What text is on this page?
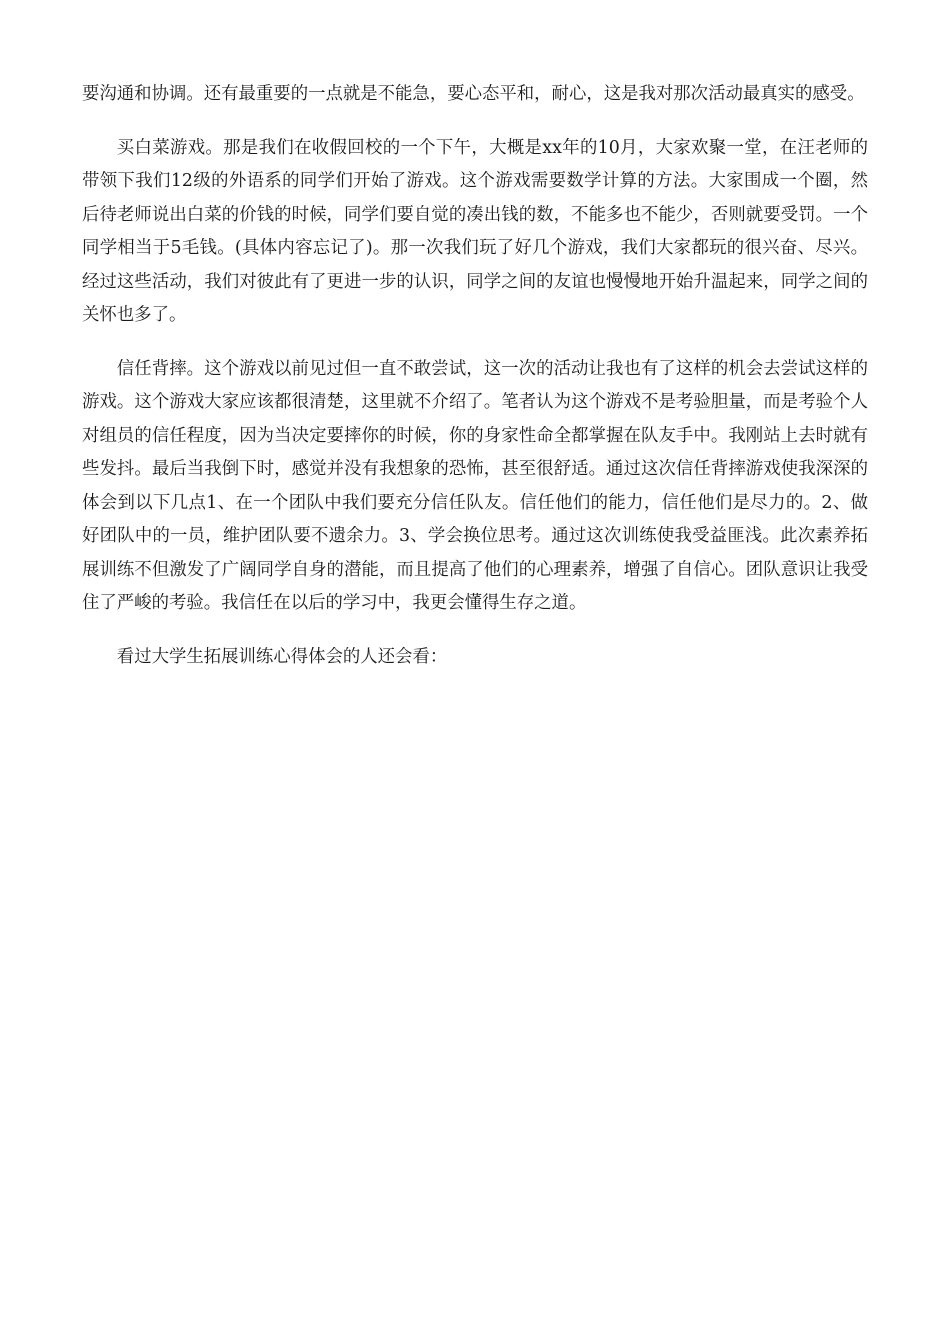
要沟通和协调。还有最重要的一点就是不能急，要心态平和，耐心，这是我对那次活动最真实的感受。

买白菜游戏。那是我们在收假回校的一个下午，大概是xx年的10月，大家欢聚一堂，在汪老师的带领下我们12级的外语系的同学们开始了游戏。这个游戏需要数学计算的方法。大家围成一个圈，然后待老师说出白菜的价钱的时候，同学们要自觉的凑出钱的数，不能多也不能少，否则就要受罚。一个同学相当于5毛钱。(具体内容忘记了)。那一次我们玩了好几个游戏，我们大家都玩的很兴奋、尽兴。经过这些活动，我们对彼此有了更进一步的认识，同学之间的友谊也慢慢地开始升温起来，同学之间的关怀也多了。

信任背摔。这个游戏以前见过但一直不敢尝试，这一次的活动让我也有了这样的机会去尝试这样的游戏。这个游戏大家应该都很清楚，这里就不介绍了。笔者认为这个游戏不是考验胆量，而是考验个人对组员的信任程度，因为当决定要摔你的时候，你的身家性命全都掌握在队友手中。我刚站上去时就有些发抖。最后当我倒下时，感觉并没有我想象的恐怖，甚至很舒适。通过这次信任背摔游戏使我深深的体会到以下几点1、在一个团队中我们要充分信任队友。信任他们的能力，信任他们是尽力的。2、做好团队中的一员，维护团队要不遗余力。3、学会换位思考。通过这次训练使我受益匪浅。此次素养拓展训练不但激发了广阔同学自身的潜能，而且提高了他们的心理素养，增强了自信心。团队意识让我受住了严峻的考验。我信任在以后的学习中，我更会懂得生存之道。

看过大学生拓展训练心得体会的人还会看：
